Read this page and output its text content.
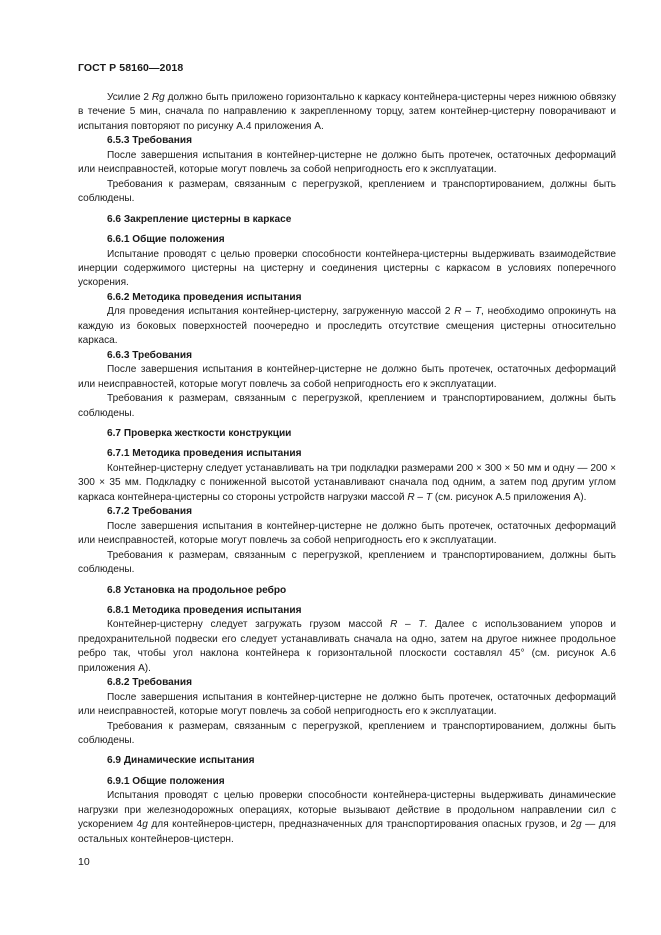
ГОСТ Р 58160—2018
Усилие 2 Rg должно быть приложено горизонтально к каркасу контейнера-цистерны через нижнюю обвязку в течение 5 мин, сначала по направлению к закрепленному торцу, затем контейнер-цистерну поворачивают и испытания повторяют по рисунку А.4 приложения А.
6.5.3 Требования
После завершения испытания в контейнер-цистерне не должно быть протечек, остаточных деформаций или неисправностей, которые могут повлечь за собой непригодность его к эксплуатации.
Требования к размерам, связанным с перегрузкой, креплением и транспортированием, должны быть соблюдены.
6.6 Закрепление цистерны в каркасе
6.6.1 Общие положения
Испытание проводят с целью проверки способности контейнера-цистерны выдерживать взаимодействие инерции содержимого цистерны на цистерну и соединения цистерны с каркасом в условиях поперечного ускорения.
6.6.2 Методика проведения испытания
Для проведения испытания контейнер-цистерну, загруженную массой 2 R – T, необходимо опрокинуть на каждую из боковых поверхностей поочередно и проследить отсутствие смещения цистерны относительно каркаса.
6.6.3 Требования
После завершения испытания в контейнер-цистерне не должно быть протечек, остаточных деформаций или неисправностей, которые могут повлечь за собой непригодность его к эксплуатации.
Требования к размерам, связанным с перегрузкой, креплением и транспортированием, должны быть соблюдены.
6.7 Проверка жесткости конструкции
6.7.1 Методика проведения испытания
Контейнер-цистерну следует устанавливать на три подкладки размерами 200 × 300 × 50 мм и одну — 200 × 300 × 35 мм. Подкладку с пониженной высотой устанавливают сначала под одним, а затем под другим углом каркаса контейнера-цистерны со стороны устройств нагрузки массой R – T (см. рисунок А.5 приложения А).
6.7.2 Требования
После завершения испытания в контейнер-цистерне не должно быть протечек, остаточных деформаций или неисправностей, которые могут повлечь за собой непригодность его к эксплуатации.
Требования к размерам, связанным с перегрузкой, креплением и транспортированием, должны быть соблюдены.
6.8 Установка на продольное ребро
6.8.1 Методика проведения испытания
Контейнер-цистерну следует загружать грузом массой R – T. Далее с использованием упоров и предохранительной подвески его следует устанавливать сначала на одно, затем на другое нижнее продольное ребро так, чтобы угол наклона контейнера к горизонтальной плоскости составлял 45° (см. рисунок А.6 приложения А).
6.8.2 Требования
После завершения испытания в контейнер-цистерне не должно быть протечек, остаточных деформаций или неисправностей, которые могут повлечь за собой непригодность его к эксплуатации.
Требования к размерам, связанным с перегрузкой, креплением и транспортированием, должны быть соблюдены.
6.9 Динамические испытания
6.9.1 Общие положения
Испытания проводят с целью проверки способности контейнера-цистерны выдерживать динамические нагрузки при железнодорожных операциях, которые вызывают действие в продольном направлении сил с ускорением 4g для контейнеров-цистерн, предназначенных для транспортирования опасных грузов, и 2g — для остальных контейнеров-цистерн.
10
